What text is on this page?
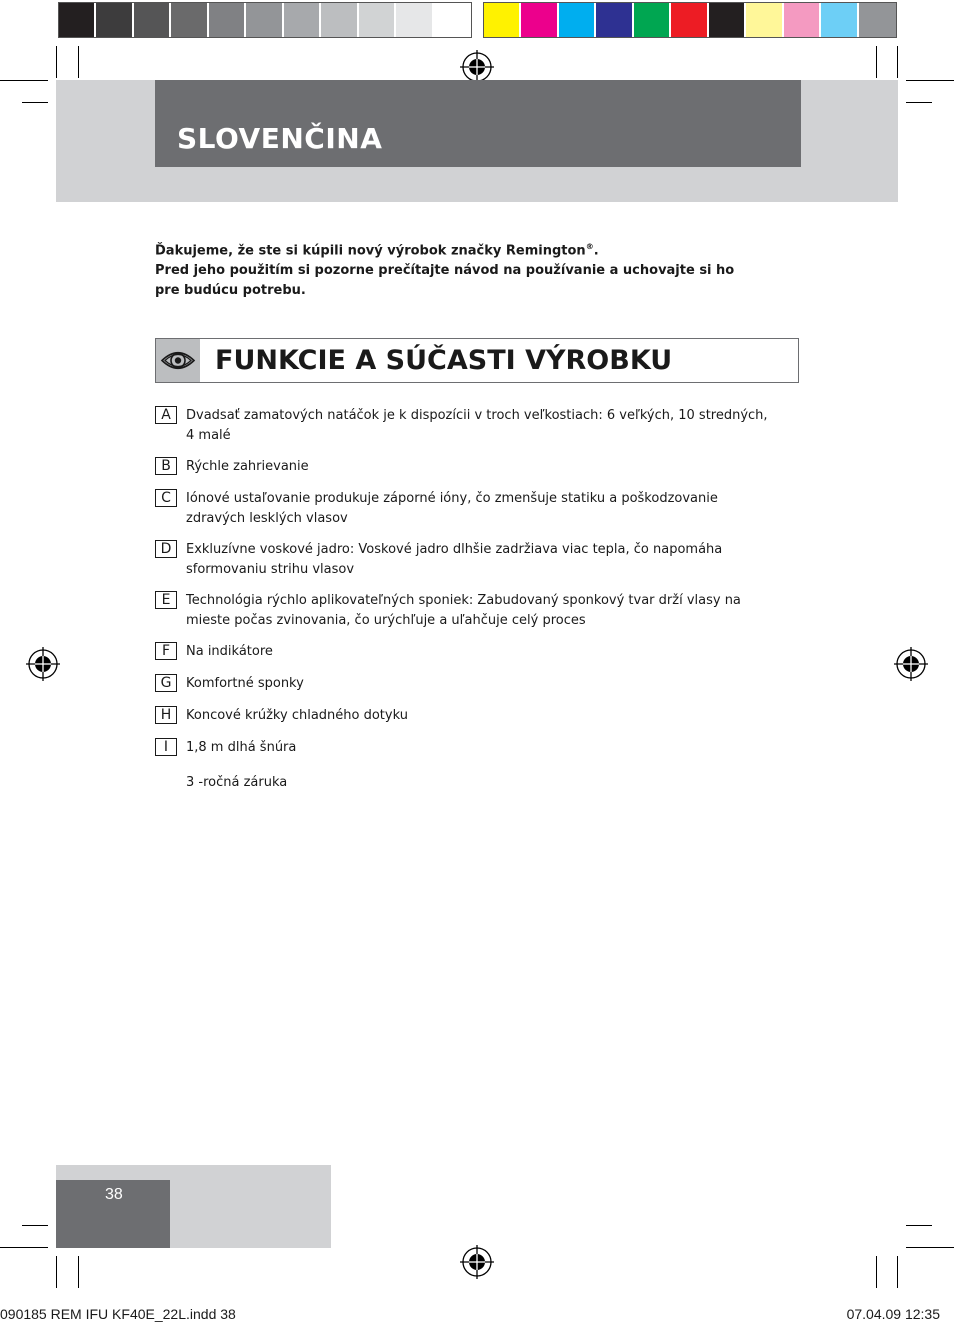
SLOVENČINA
Ďakujeme, že ste si kúpili nový výrobok značky Remington®.
Pred jeho použitím si pozorne prečítajte návod na používanie a uchovajte si ho
pre budúcu potrebu.
FUNKCIE A SÚČASTI VÝROBKU
A	Dvadsať zamatových natáčok je k dispozícii v troch veľkostiach: 6 veľkých, 10 stredných, 4 malé
B	Rýchle zahrievanie
C	Iónové ustaľovanie produkuje záporné ióny, čo zmenšuje statiku a poškodzovanie zdravých lesklých vlasov
D	Exkluzívne voskové jadro: Voskové jadro dlhšie zadržiava viac tepla, čo napomáha sformovaniu strihu vlasov
E	Technológia rýchlo aplikovateľných sponiek: Zabudovaný sponkový tvar drží vlasy na mieste počas zvinovania, čo urýchľuje a uľahčuje celý proces
F	Na indikátore
G	Komfortné sponky
H	Koncové krúžky chladného dotyku
I	1,8 m dlhá šnúra
3 -ročná záruka
38
090185 REM IFU KF40E_22L.indd 38	07.04.09 12:35
